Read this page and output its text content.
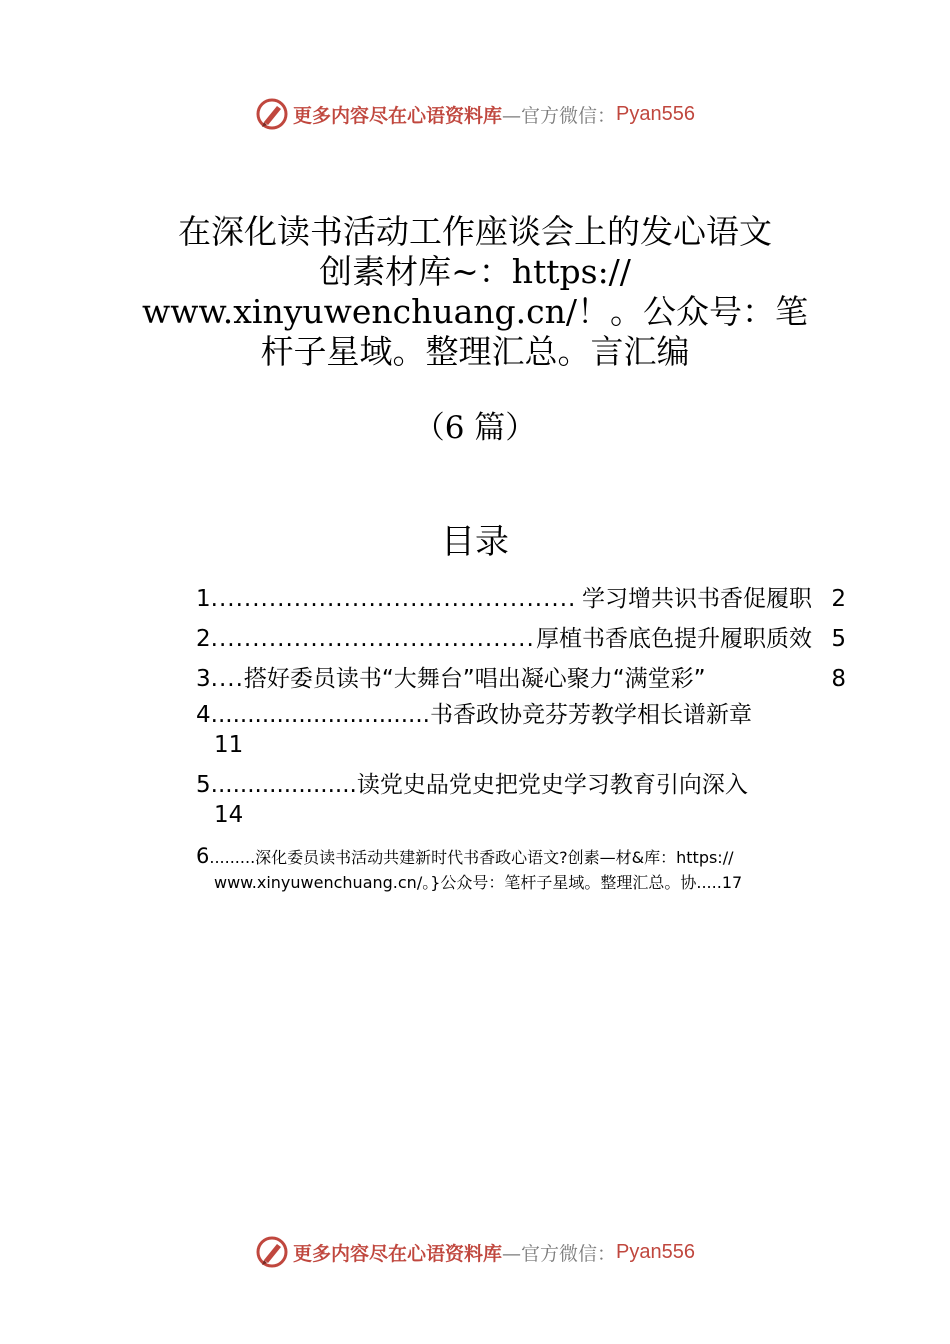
更多内容尽在心语资料库 —官方微信： Pyan556
在深化读书活动工作座谈会上的发心语文
创素材库~：https://
www.xinyuwenchuang.cn/！。公众号：笔
杆子星域。整理汇总。言汇编
（6 篇）
目录
1 ............................................ 学习增共识书香促履职 2
2 ....................................... 厚植书香底色提升履职质效 5
3 .... 搭好委员读书“大舞台”唱出凝心聚力“满堂彩”	8
4 .............................. 书香政协竞芬芳教学相长谱新章
11
5 .................... 读党史品党史把党史学习教育引向深入
14
6.........深化委员读书活动共建新时代书香政心语文?创素—材&库：https://
www.xinyuwenchuang.cn/。}公众号：笔杆子星域。整理汇总。协.....17
更多内容尽在心语资料库 —官方微信： Pyan556
